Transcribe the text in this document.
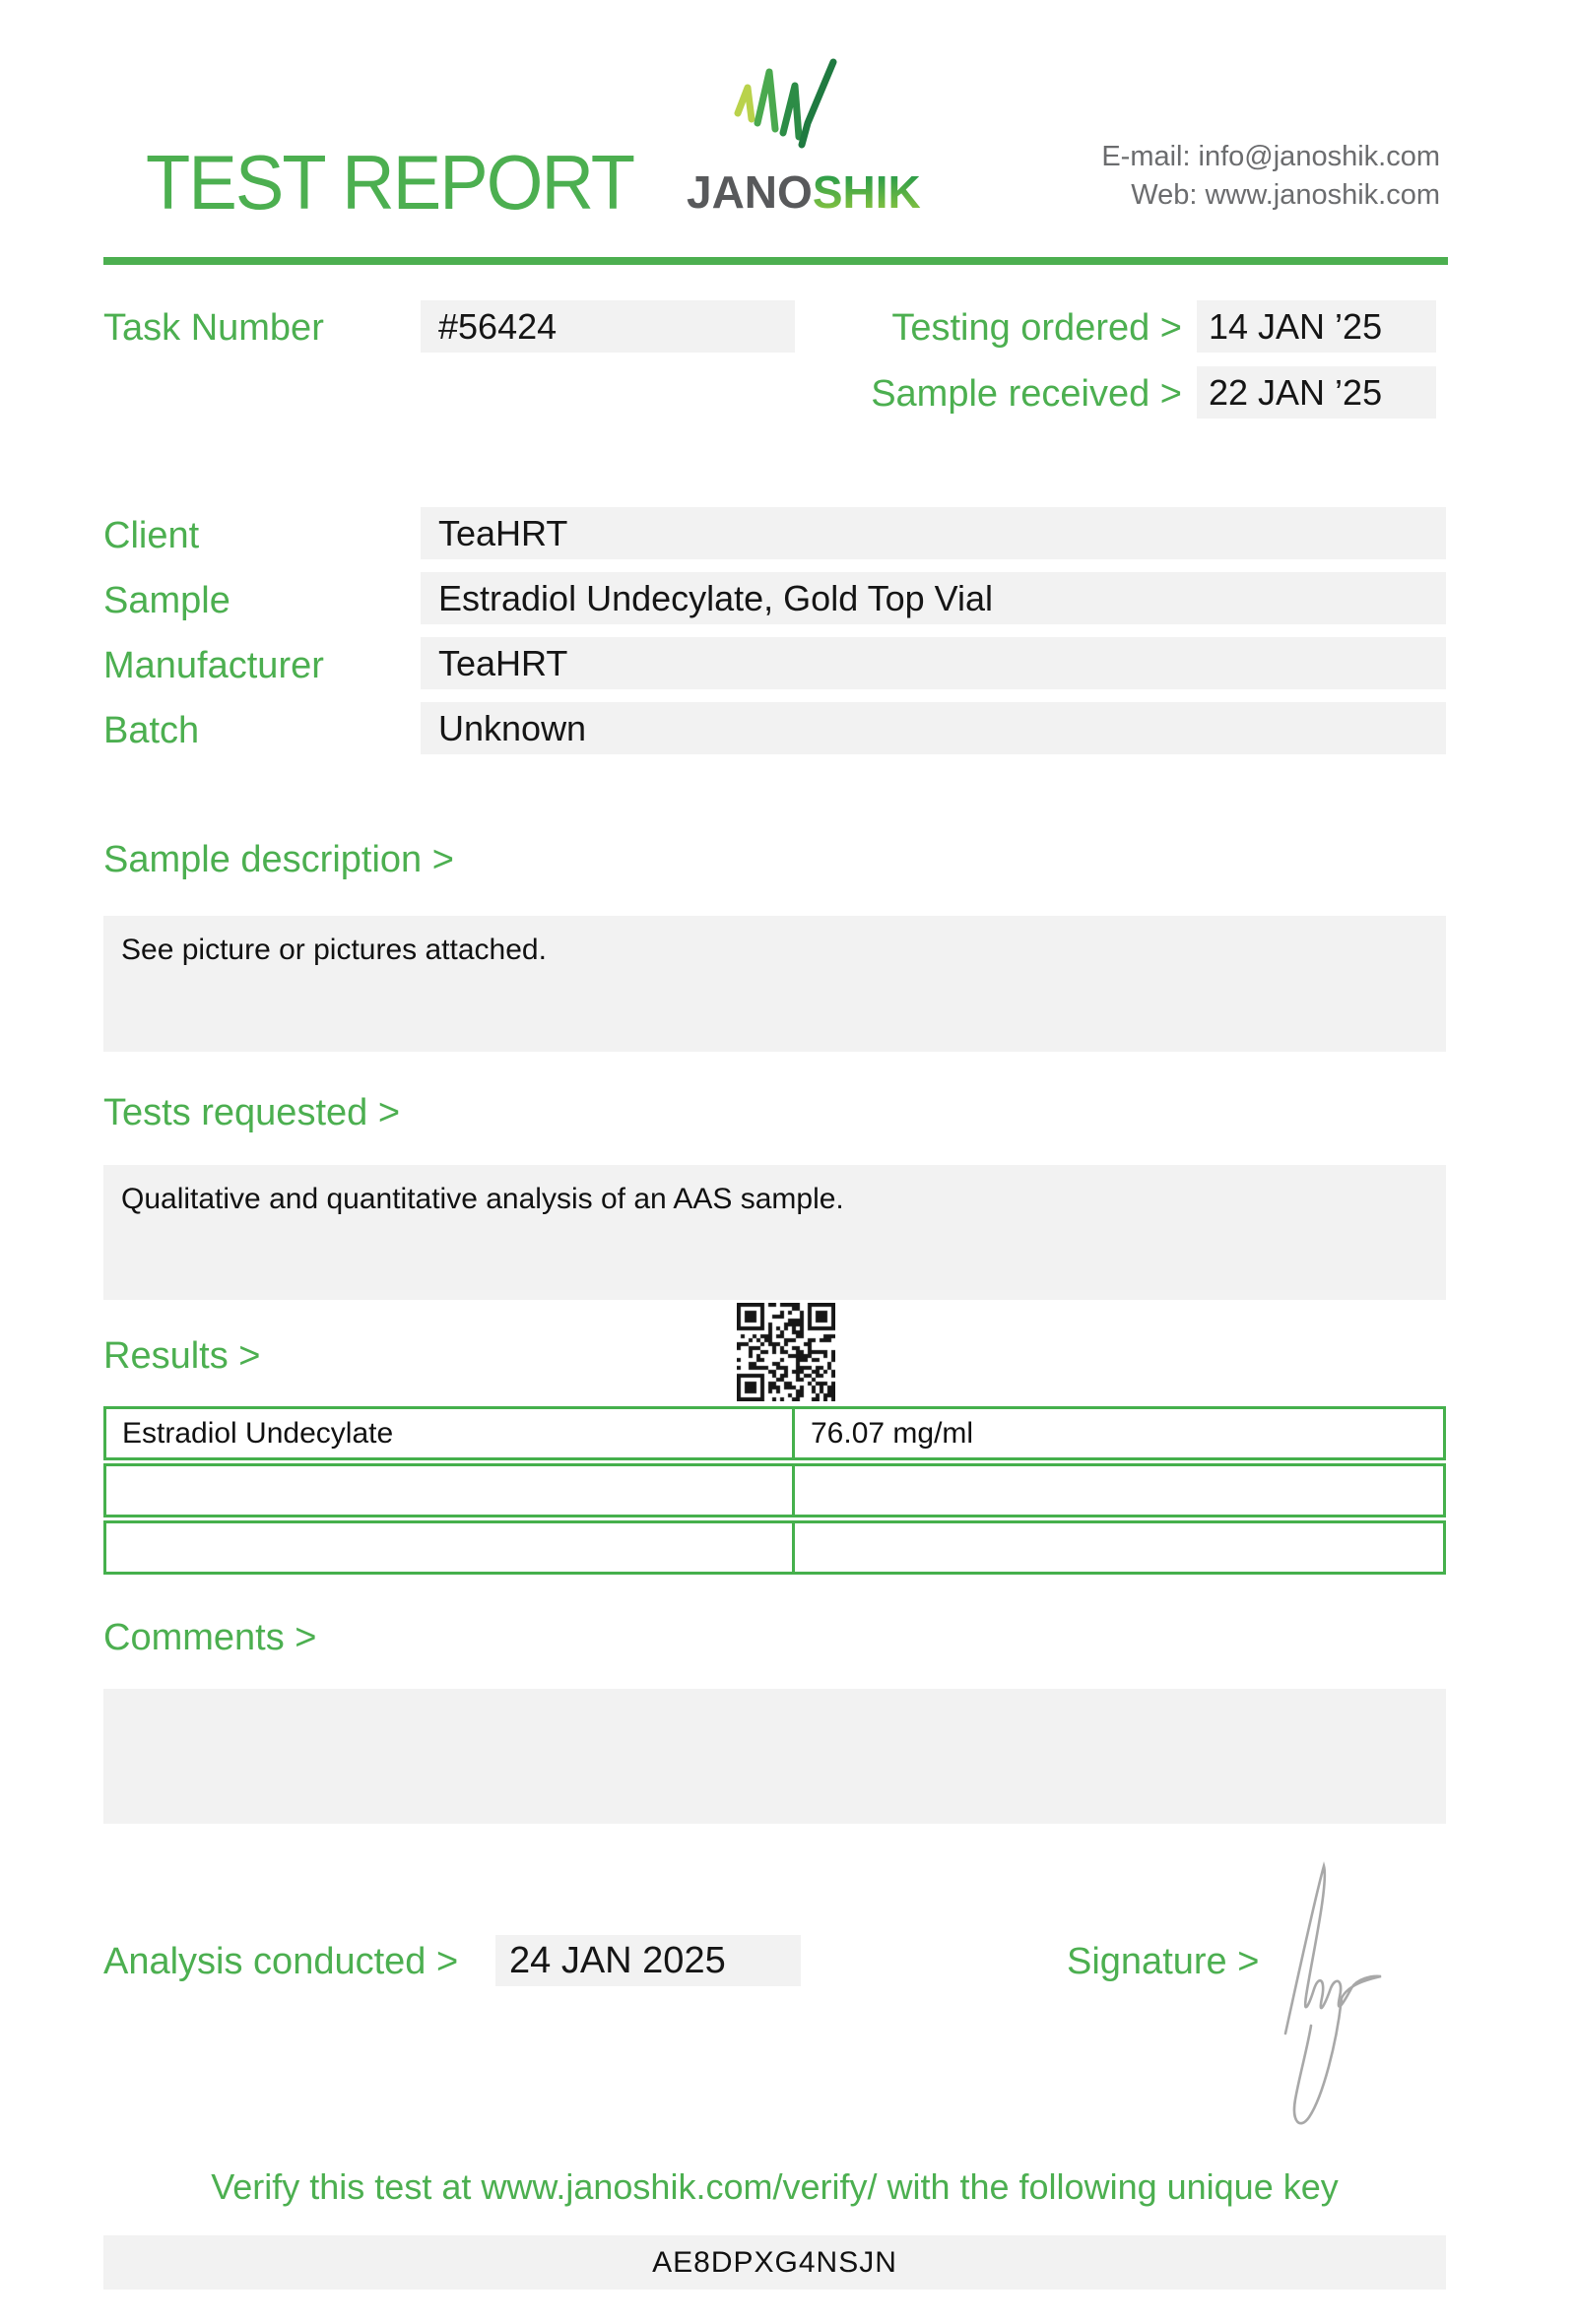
TEST REPORT JANOSHIK
E-mail: info@janoshik.com
Web: www.janoshik.com
Task Number	#56424	Testing ordered > 14 JAN ’25
Sample received > 22 JAN ’25
Client	TeaHRT
Sample	Estradiol Undecylate, Gold Top Vial
Manufacturer	TeaHRT
Batch	Unknown
Sample description >
See picture or pictures attached.
Tests requested >
Qualitative and quantitative analysis of an AAS sample.
Results >
Estradiol Undecylate	76.07 mg/ml
Comments >
Analysis conducted >	24 JAN 2025	Signature >
Verify this test at www.janoshik.com/verify/ with the following unique key
AE8DPXG4NSJN
